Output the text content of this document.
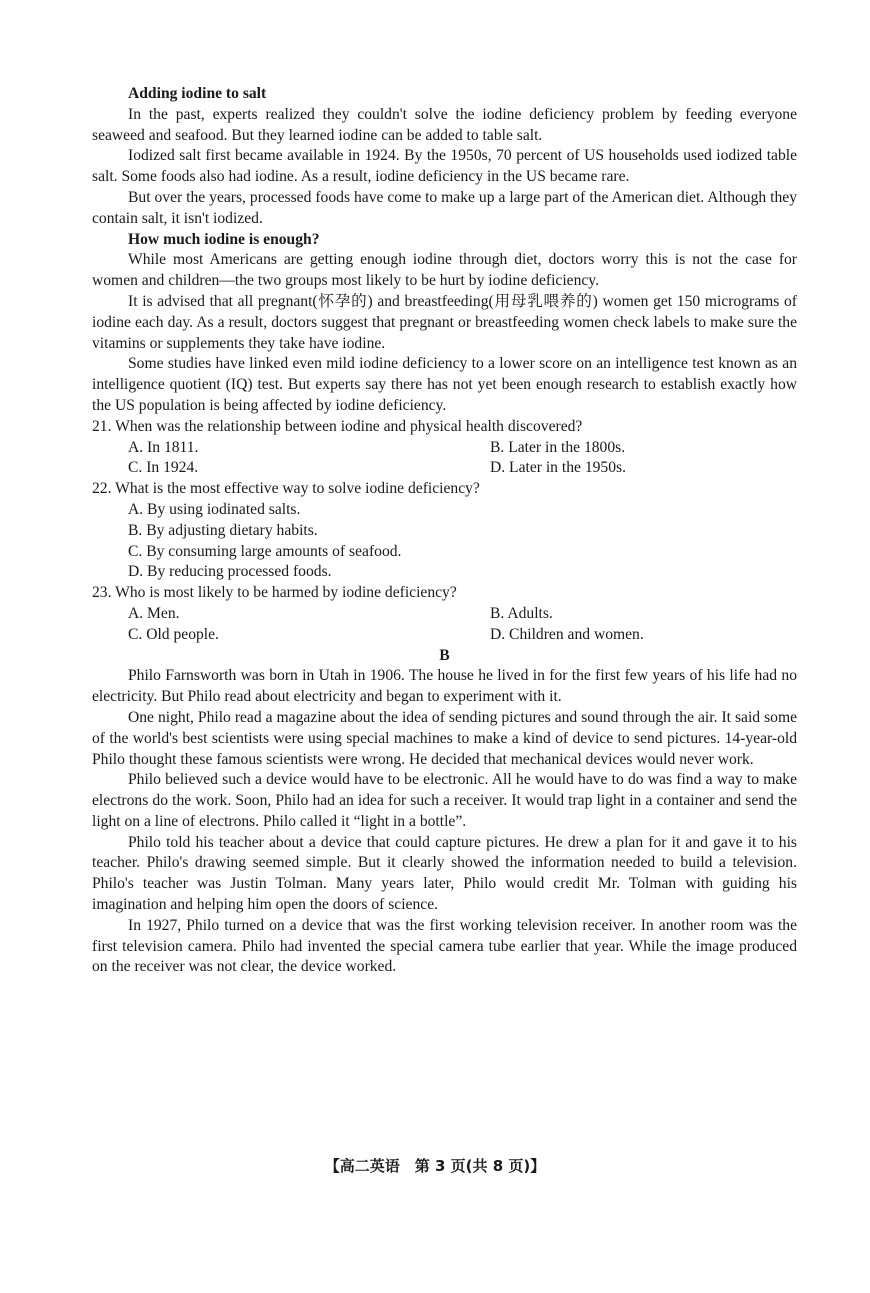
Adding iodine to salt

In the past, experts realized they couldn't solve the iodine deficiency problem by feeding everyone seaweed and seafood. But they learned iodine can be added to table salt.

Iodized salt first became available in 1924. By the 1950s, 70 percent of US households used iodized table salt. Some foods also had iodine. As a result, iodine deficiency in the US became rare.

But over the years, processed foods have come to make up a large part of the American diet. Although they contain salt, it isn't iodized.

How much iodine is enough?

While most Americans are getting enough iodine through diet, doctors worry this is not the case for women and children—the two groups most likely to be hurt by iodine deficiency.

It is advised that all pregnant(怀孕的) and breastfeeding(用母乳喂养的) women get 150 micrograms of iodine each day. As a result, doctors suggest that pregnant or breastfeeding women check labels to make sure the vitamins or supplements they take have iodine.

Some studies have linked even mild iodine deficiency to a lower score on an intelligence test known as an intelligence quotient (IQ) test. But experts say there has not yet been enough research to establish exactly how the US population is being affected by iodine deficiency.

21. When was the relationship between iodine and physical health discovered?
A. In 1811.	B. Later in the 1800s.
C. In 1924.	D. Later in the 1950s.
22. What is the most effective way to solve iodine deficiency?
A. By using iodinated salts.
B. By adjusting dietary habits.
C. By consuming large amounts of seafood.
D. By reducing processed foods.
23. Who is most likely to be harmed by iodine deficiency?
A. Men.	B. Adults.
C. Old people.	D. Children and women.
B

Philo Farnsworth was born in Utah in 1906. The house he lived in for the first few years of his life had no electricity. But Philo read about electricity and began to experiment with it.

One night, Philo read a magazine about the idea of sending pictures and sound through the air. It said some of the world's best scientists were using special machines to make a kind of device to send pictures. 14-year-old Philo thought these famous scientists were wrong. He decided that mechanical devices would never work.

Philo believed such a device would have to be electronic. All he would have to do was find a way to make electrons do the work. Soon, Philo had an idea for such a receiver. It would trap light in a container and send the light on a line of electrons. Philo called it “light in a bottle”.

Philo told his teacher about a device that could capture pictures. He drew a plan for it and gave it to his teacher. Philo's drawing seemed simple. But it clearly showed the information needed to build a television. Philo's teacher was Justin Tolman. Many years later, Philo would credit Mr. Tolman with guiding his imagination and helping him open the doors of science.

In 1927, Philo turned on a device that was the first working television receiver. In another room was the first television camera. Philo had invented the special camera tube earlier that year. While the image produced on the receiver was not clear, the device worked.

【高二英语　第 3 页(共 8 页)】
